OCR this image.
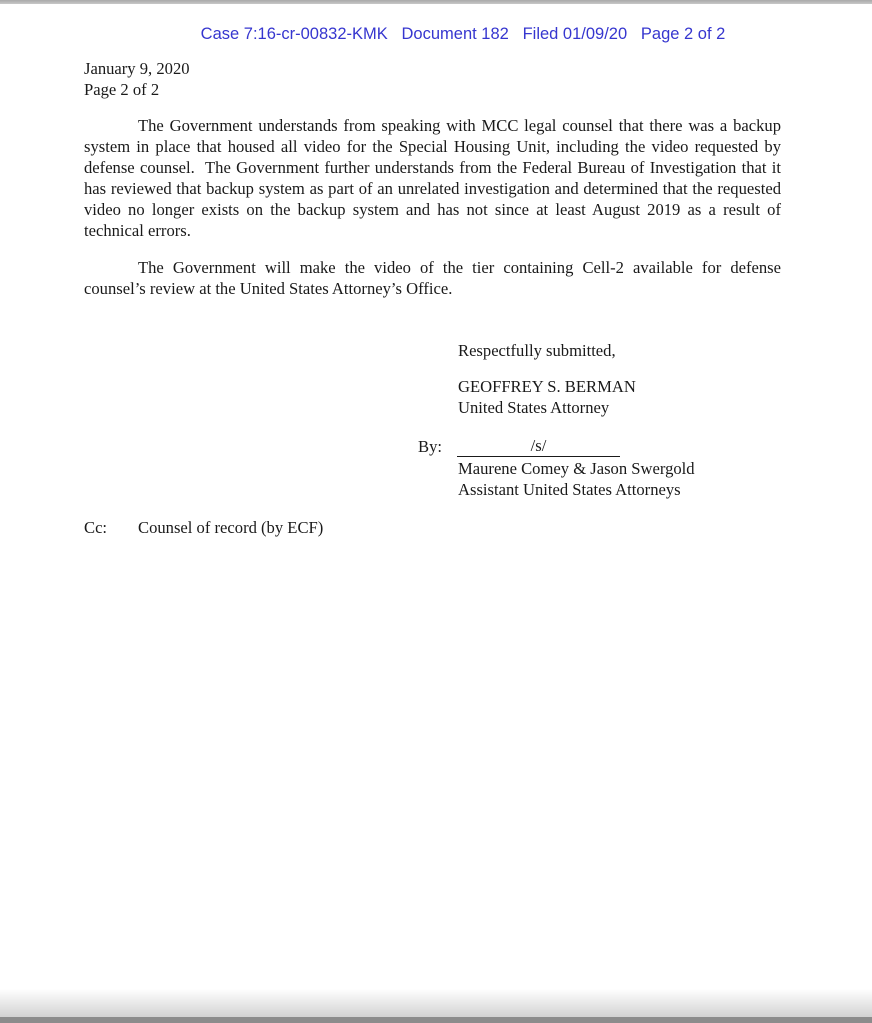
Case 7:16-cr-00832-KMK   Document 182   Filed 01/09/20   Page 2 of 2
January 9, 2020
Page 2 of 2

The Government understands from speaking with MCC legal counsel that there was a backup system in place that housed all video for the Special Housing Unit, including the video requested by defense counsel.  The Government further understands from the Federal Bureau of Investigation that it has reviewed that backup system as part of an unrelated investigation and determined that the requested video no longer exists on the backup system and has not since at least August 2019 as a result of technical errors.

The Government will make the video of the tier containing Cell-2 available for defense counsel’s review at the United States Attorney’s Office.

Respectfully submitted,
GEOFFREY S. BERMAN
United States Attorney
By:	/s/
Maurene Comey & Jason Swergold
Assistant United States Attorneys
Cc: Counsel of record (by ECF)
